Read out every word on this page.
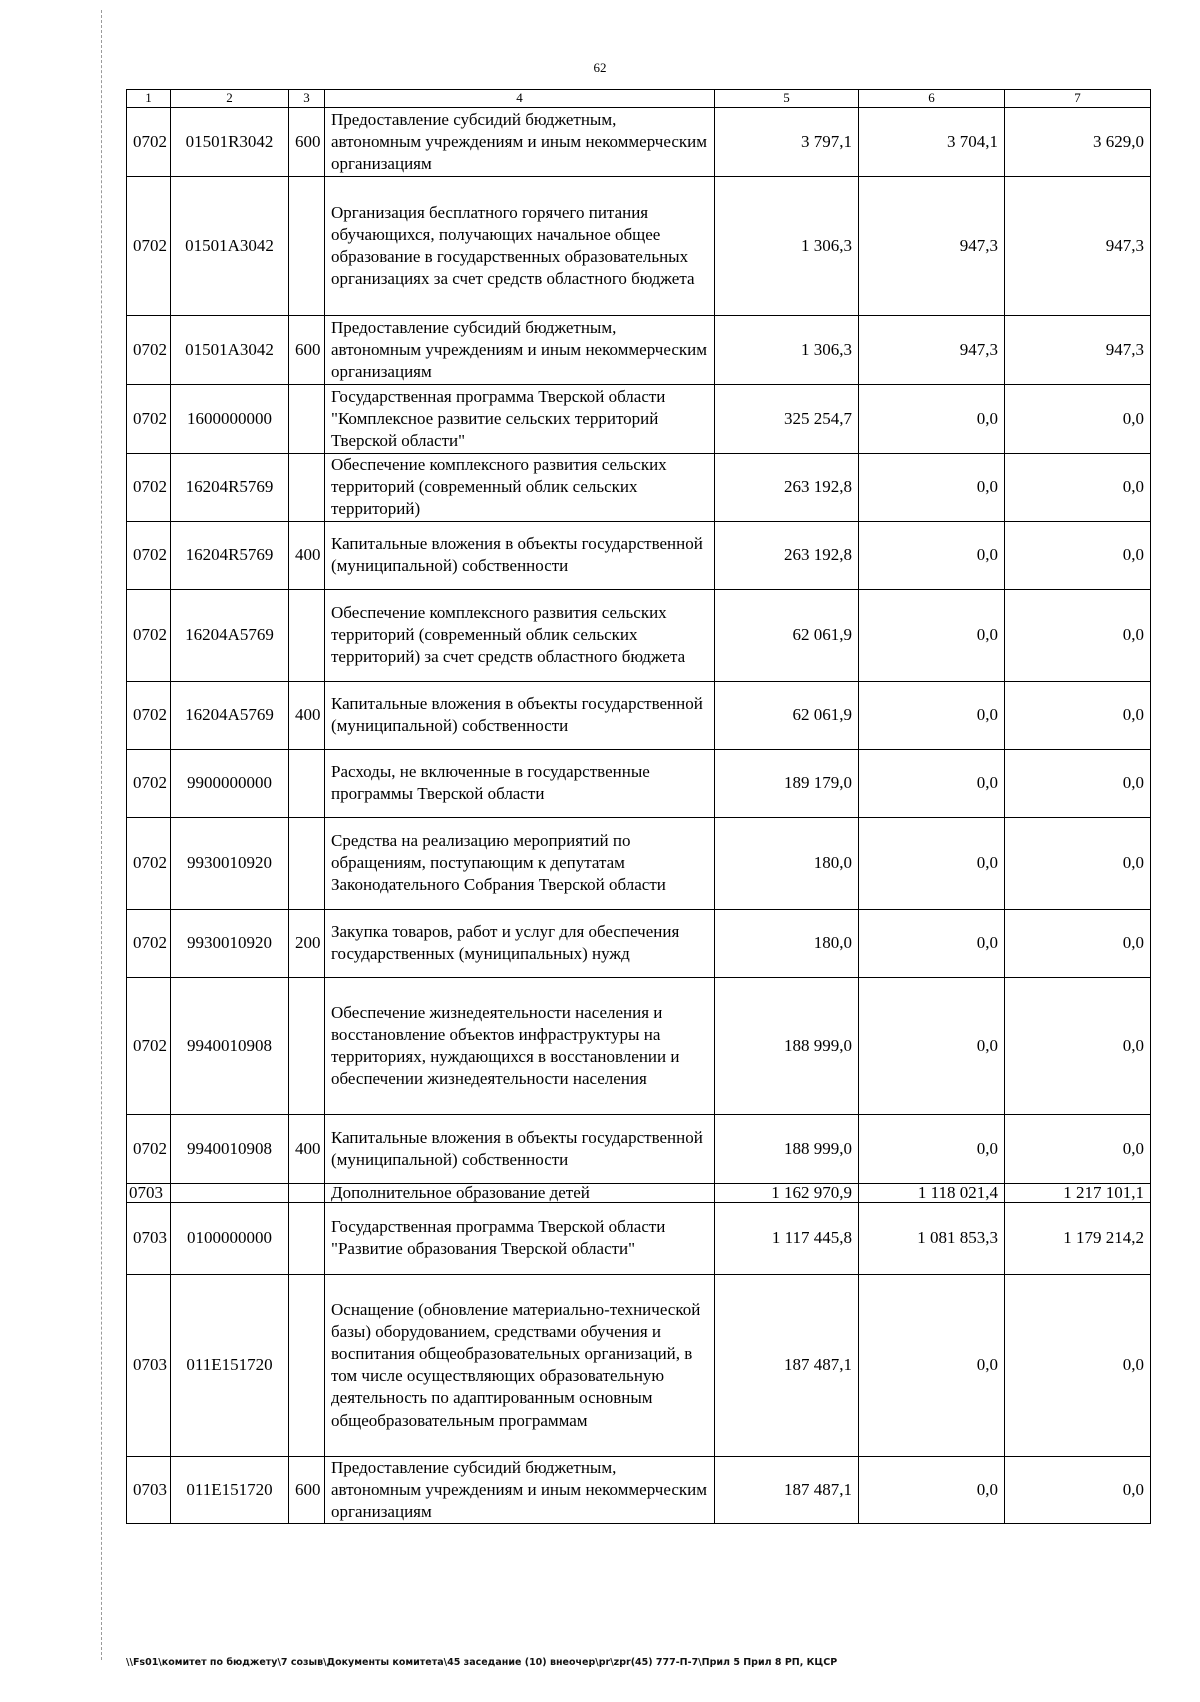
62
1	2	3	4	5	6	7
0702	01501R3042	600	Предоставление субсидий бюджетным, автономным учреждениям и иным некоммерческим организациям	3 797,1	3 704,1	3 629,0
0702	01501A3042		Организация бесплатного горячего питания обучающихся, получающих начальное общее образование в государственных образовательных организациях за счет средств областного бюджета	1 306,3	947,3	947,3
0702	01501A3042	600	Предоставление субсидий бюджетным, автономным учреждениям и иным некоммерческим организациям	1 306,3	947,3	947,3
0702	1600000000		Государственная программа Тверской области "Комплексное развитие сельских территорий Тверской области"	325 254,7	0,0	0,0
0702	16204R5769		Обеспечение комплексного развития сельских территорий (современный облик сельских территорий)	263 192,8	0,0	0,0
0702	16204R5769	400	Капитальные вложения в объекты государственной (муниципальной) собственности	263 192,8	0,0	0,0
0702	16204A5769		Обеспечение комплексного развития сельских территорий (современный облик сельских территорий) за счет средств областного бюджета	62 061,9	0,0	0,0
0702	16204A5769	400	Капитальные вложения в объекты государственной (муниципальной) собственности	62 061,9	0,0	0,0
0702	9900000000		Расходы, не включенные в государственные программы Тверской области	189 179,0	0,0	0,0
0702	9930010920		Средства на реализацию мероприятий по обращениям, поступающим к депутатам Законодательного Собрания Тверской области	180,0	0,0	0,0
0702	9930010920	200	Закупка товаров, работ и услуг для обеспечения государственных (муниципальных) нужд	180,0	0,0	0,0
0702	9940010908		Обеспечение жизнедеятельности населения и восстановление объектов инфраструктуры на территориях, нуждающихся в восстановлении и обеспечении жизнедеятельности населения	188 999,0	0,0	0,0
0702	9940010908	400	Капитальные вложения в объекты государственной (муниципальной) собственности	188 999,0	0,0	0,0
0703			Дополнительное образование детей	1 162 970,9	1 118 021,4	1 217 101,1
0703	0100000000		Государственная программа Тверской области "Развитие образования Тверской области"	1 117 445,8	1 081 853,3	1 179 214,2
0703	011E151720		Оснащение (обновление материально-технической базы) оборудованием, средствами обучения и воспитания общеобразовательных организаций, в том числе осуществляющих образовательную деятельность по адаптированным основным общеобразовательным программам	187 487,1	0,0	0,0
0703	011E151720	600	Предоставление субсидий бюджетным, автономным учреждениям и иным некоммерческим организациям	187 487,1	0,0	0,0
\\Fs01\комитет по бюджету\7 созыв\Документы комитета\45 заседание (10) внеочер\pr\zpr(45) 777-П-7\Прил 5 Прил 8 РП, КЦСР
